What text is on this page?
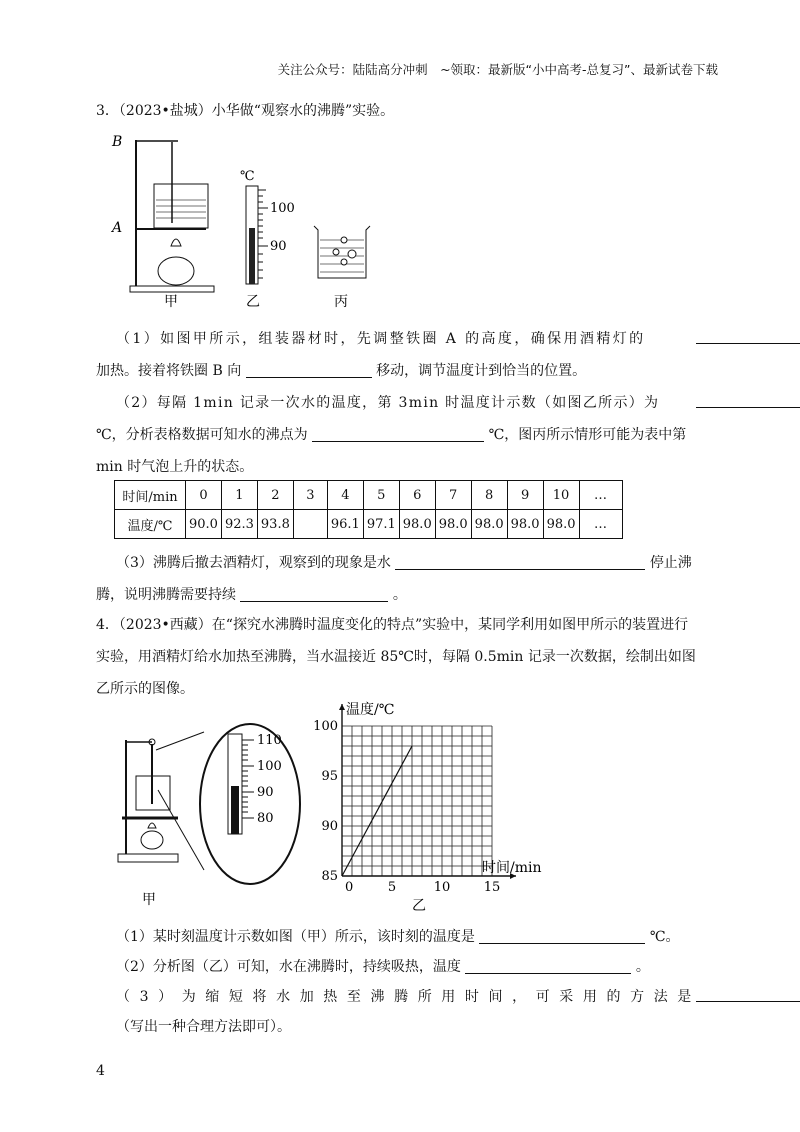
关注公众号：陆陆高分冲刺　~领取：最新版“小中高考-总复习”、最新试卷下载
3．（2023•盐城）小华做“观察水的沸腾”实验。
B
A
甲
℃
100
90
乙	丙
（1）如图甲所示，组装器材时，先调整铁圈 A 的高度，确保用酒精灯的
加热。接着将铁圈 B 向	移动，调节温度计到恰当的位置。
（2）每隔 1min 记录一次水的温度，第 3min 时温度计示数（如图乙所示）为
℃，分析表格数据可知水的沸点为	℃，图丙所示情形可能为表中第
min 时气泡上升的状态。
时间/min	0	1	2	3	4	5	6	7	8	9	10	…
温度/℃	90.0	92.3	93.8		96.1	97.1	98.0	98.0	98.0	98.0	98.0	…
（3）沸腾后撤去酒精灯，观察到的现象是水	停止沸
腾，说明沸腾需要持续	。
4．（2023•西藏）在“探究水沸腾时温度变化的特点”实验中，某同学利用如图甲所示的装置进行
实验，用酒精灯给水加热至沸腾，当水温接近 85℃时，每隔 0.5min 记录一次数据，绘制出如图
乙所示的图像。
110
100
90
80
甲
温度/℃
时间/min
85
90
95
100
5	10	15
0
乙
（1）某时刻温度计示数如图（甲）所示，该时刻的温度是	℃。
（2）分析图（乙）可知，水在沸腾时，持续吸热，温度	。
（3）为缩短将水加热至沸腾所用时间，可采用的方法是
（写出一种合理方法即可）。
4
